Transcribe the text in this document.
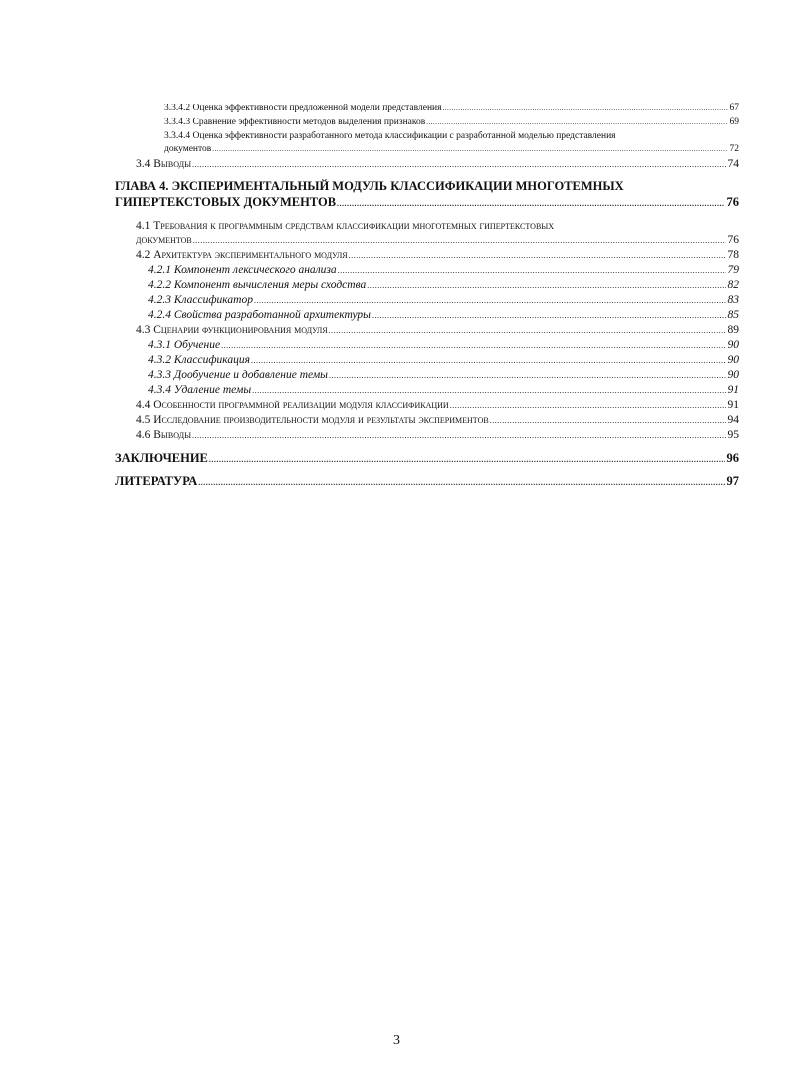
3.3.4.2 Оценка эффективности предложенной модели представления .....	67
3.3.4.3 Сравнение эффективности методов выделения признаков .....	69
3.3.4.4 Оценка эффективности разработанного метода классификации с разработанной моделью представления
документов .....	72
3.4 Выводы .....	74
ГЛАВА 4. ЭКСПЕРИМЕНТАЛЬНЫЙ МОДУЛЬ КЛАССИФИКАЦИИ МНОГОТЕМНЫХ
ГИПЕРТЕКСТОВЫХ ДОКУМЕНТОВ .....	76
4.1 Требования к программным средствам классификации многотемных гипертекстовых
документов .....	76
4.2 Архитектура экспериментального модуля .....	78
4.2.1 Компонент лексического анализа .....	79
4.2.2 Компонент вычисления меры сходства .....	82
4.2.3 Классификатор .....	83
4.2.4 Свойства разработанной архитектуры .....	85
4.3 Сценарии функционирования модуля .....	89
4.3.1 Обучение .....	90
4.3.2 Классификация .....	90
4.3.3 Дообучение и добавление темы .....	90
4.3.4 Удаление темы .....	91
4.4 Особенности программной реализации модуля классификации .....	91
4.5 Исследование производительности модуля и результаты экспериментов .....	94
4.6 Выводы .....	95
ЗАКЛЮЧЕНИЕ .....	96
ЛИТЕРАТУРА .....	97
3
